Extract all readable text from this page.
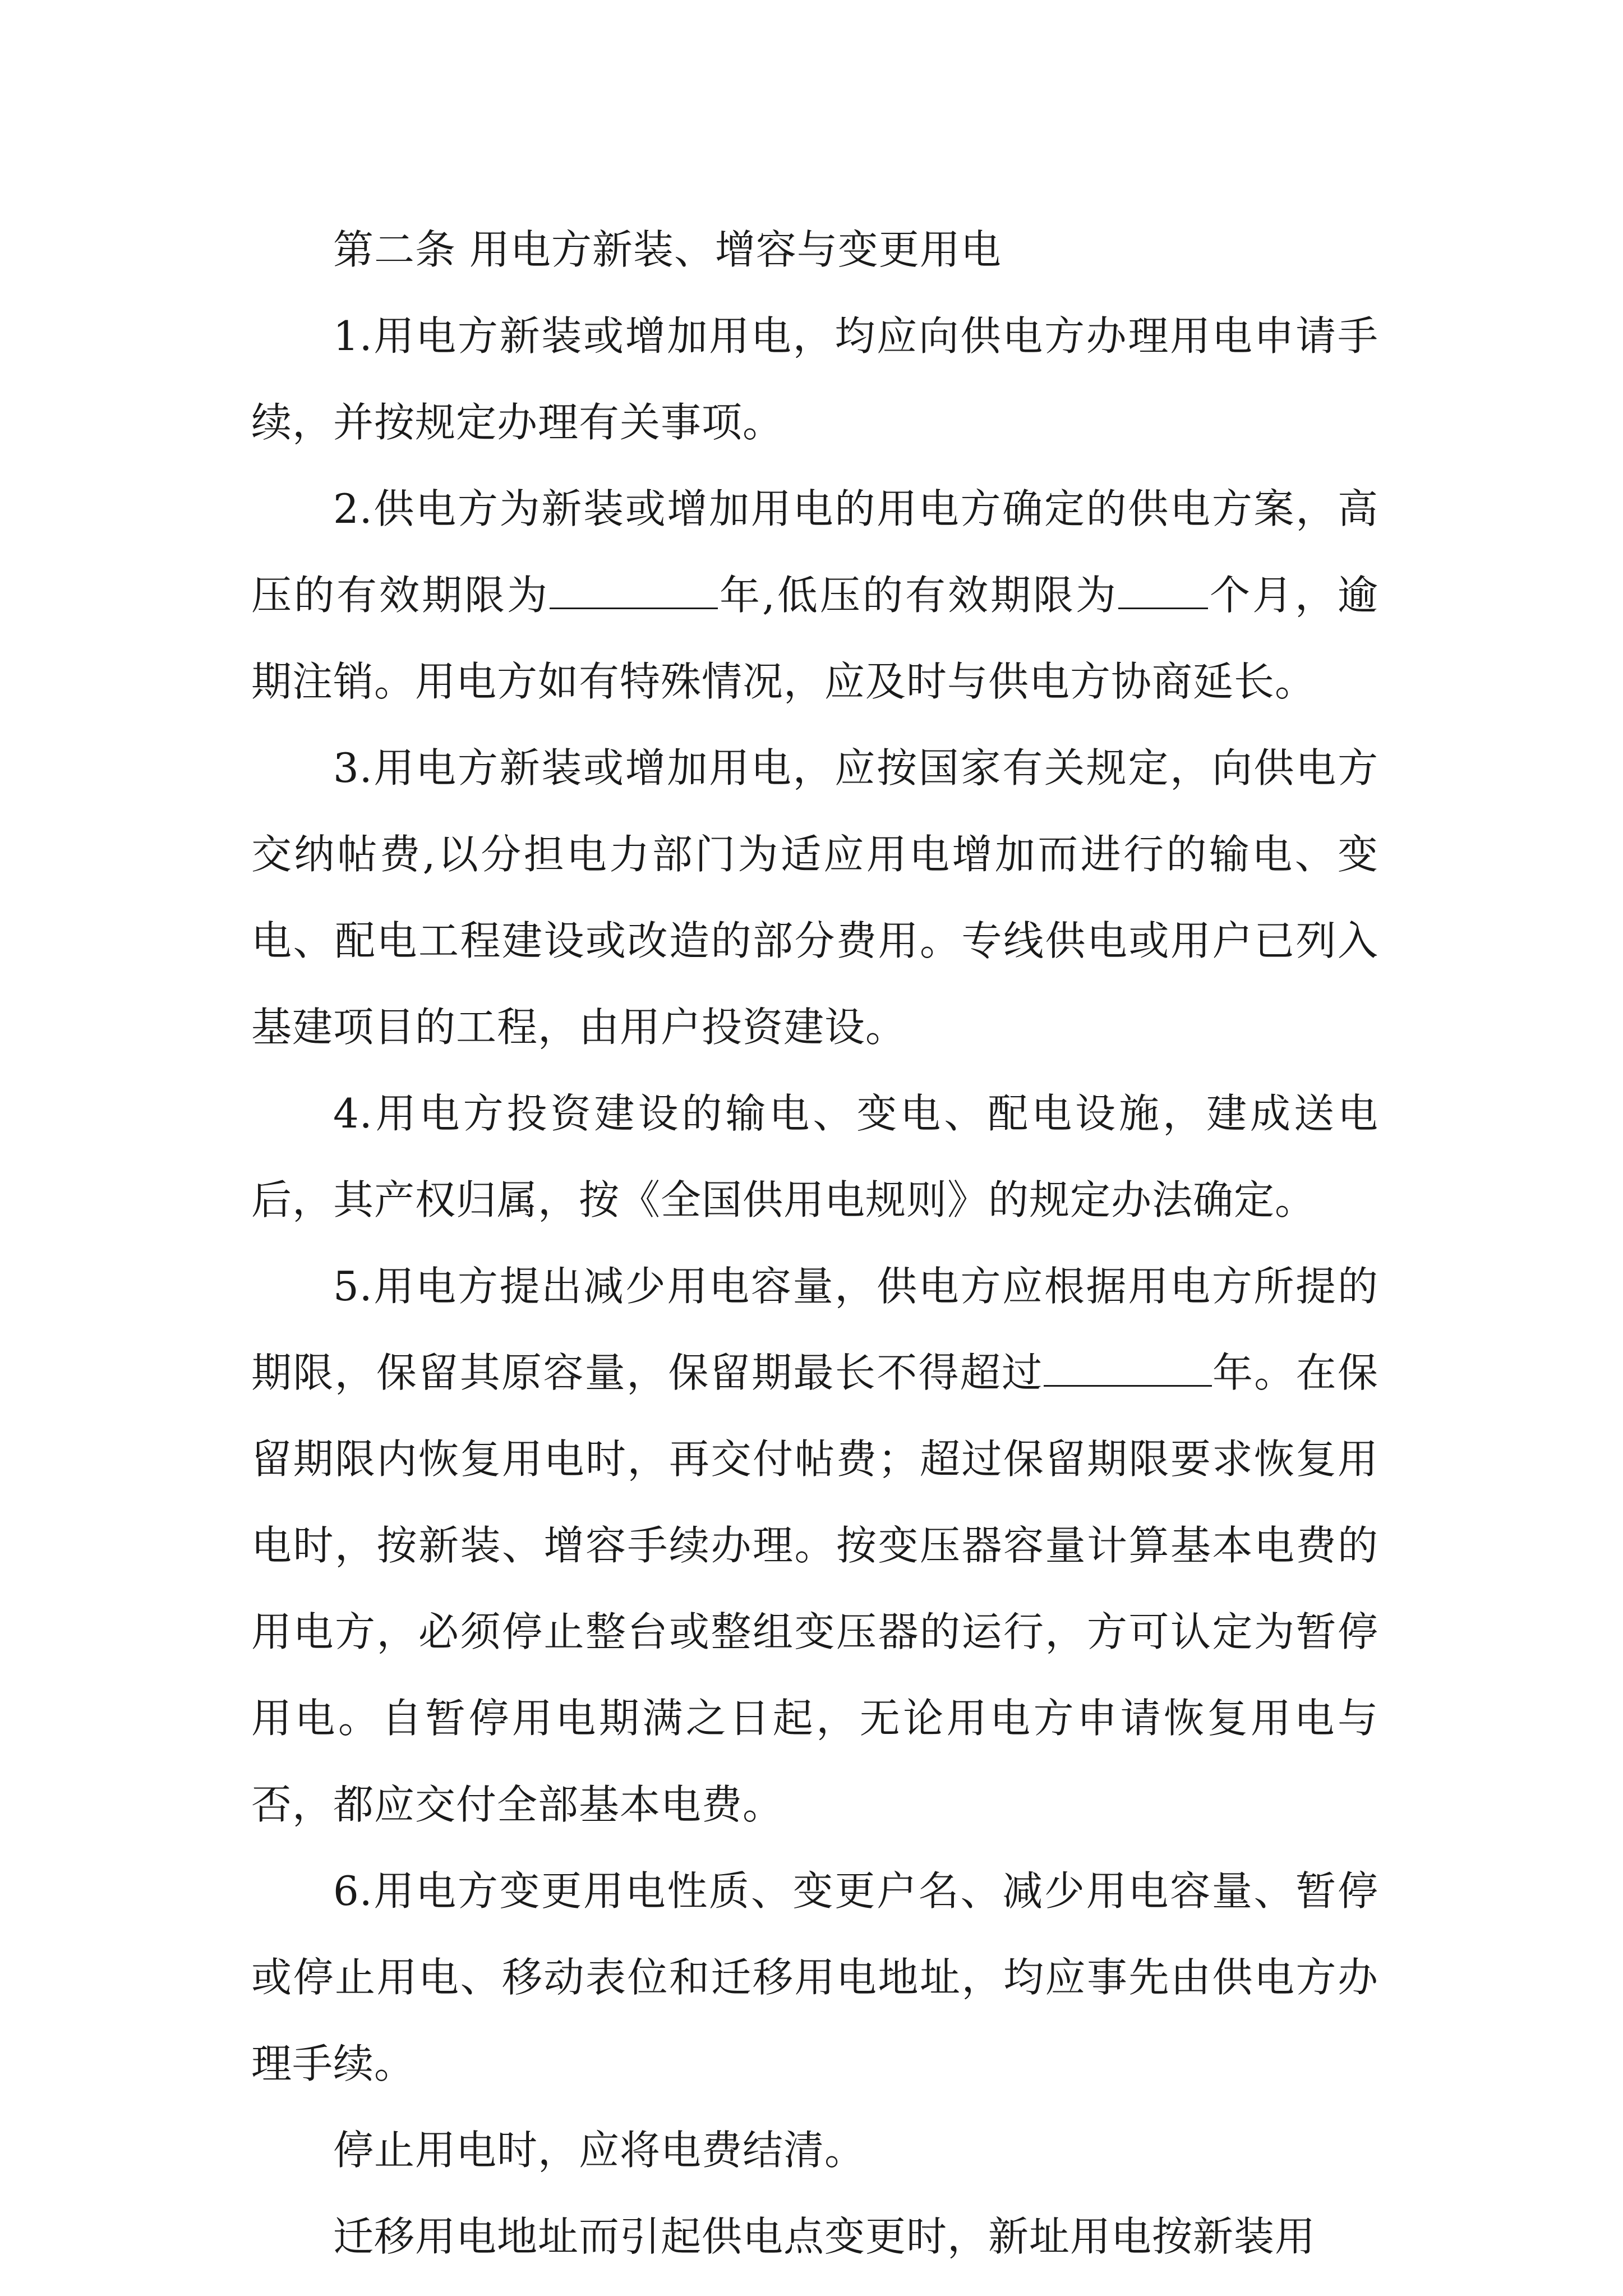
第二条 用电方新装、增容与变更用电

1.用电方新装或增加用电，均应向供电方办理用电申请手续，并按规定办理有关事项。

2.供电方为新装或增加用电的用电方确定的供电方案，高压的有效期限为	年,低压的有效期限为 个月，逾期注销。用电方如有特殊情况，应及时与供电方协商延长。

3.用电方新装或增加用电，应按国家有关规定，向供电方交纳帖费,以分担电力部门为适应用电增加而进行的输电、变电、配电工程建设或改造的部分费用。专线供电或用户已列入基建项目的工程，由用户投资建设。

4.用电方投资建设的输电、变电、配电设施，建成送电后，其产权归属，按《全国供用电规则》的规定办法确定。

5.用电方提出减少用电容量，供电方应根据用电方所提的期限，保留其原容量，保留期最长不得超过	年。在保留期限内恢复用电时，再交付帖费；超过保留期限要求恢复用电时，按新装、增容手续办理。按变压器容量计算基本电费的用电方，必须停止整台或整组变压器的运行，方可认定为暂停用电。自暂停用电期满之日起，无论用电方申请恢复用电与否，都应交付全部基本电费。

6.用电方变更用电性质、变更户名、减少用电容量、暂停或停止用电、移动表位和迁移用电地址，均应事先由供电方办理手续。

停止用电时，应将电费结清。

迁移用电地址而引起供电点变更时，新址用电按新装用
